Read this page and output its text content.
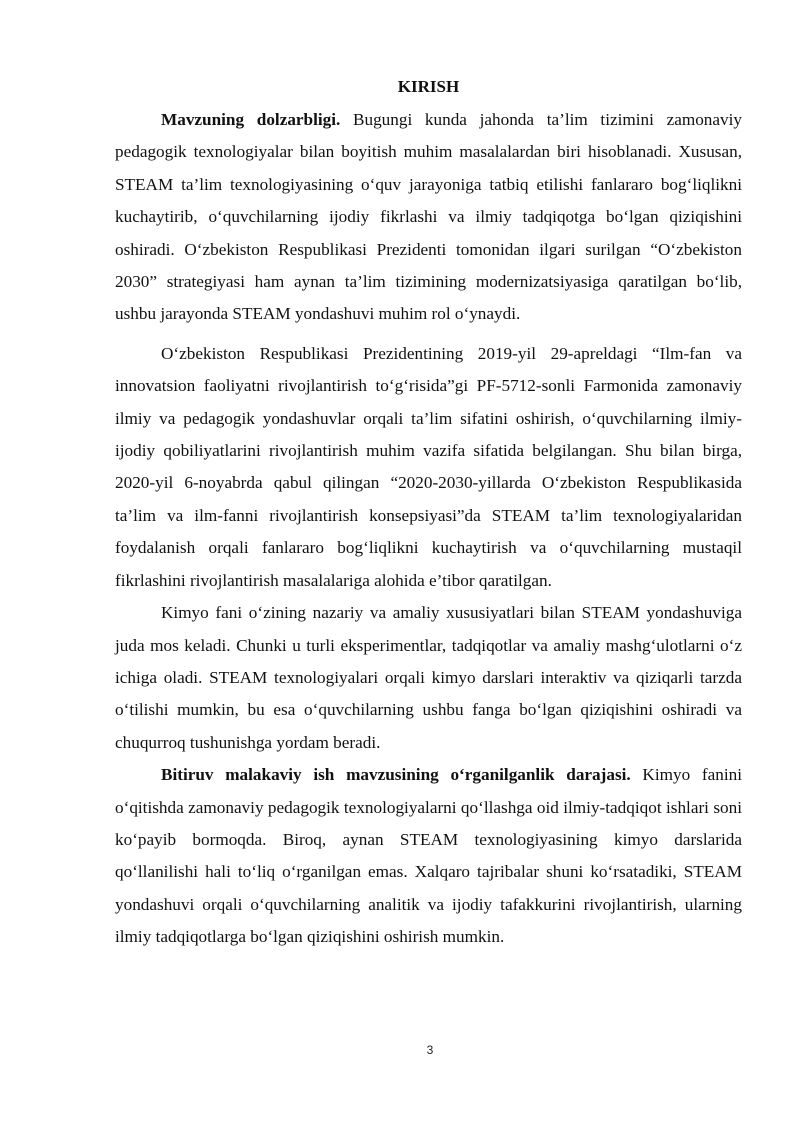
KIRISH

Mavzuning dolzarbligi. Bugungi kunda jahonda ta’lim tizimini zamonaviy pedagogik texnologiyalar bilan boyitish muhim masalalardan biri hisoblanadi. Xususan, STEAM ta’lim texnologiyasining o‘quv jarayoniga tatbiq etilishi fanlararo bog‘liqlikni kuchaytirib, o‘quvchilarning ijodiy fikrlashi va ilmiy tadqiqotga bo‘lgan qiziqishini oshiradi. O‘zbekiston Respublikasi Prezidenti tomonidan ilgari surilgan “O‘zbekiston 2030” strategiyasi ham aynan ta’lim tizimining modernizatsiyasiga qaratilgan bo‘lib, ushbu jarayonda STEAM yondashuvi muhim rol o‘ynaydi.

O‘zbekiston Respublikasi Prezidentining 2019-yil 29-apreldagi “Ilm-fan va innovatsion faoliyatni rivojlantirish to‘g‘risida”gi PF-5712-sonli Farmonida zamonaviy ilmiy va pedagogik yondashuvlar orqali ta’lim sifatini oshirish, o‘quvchilarning ilmiy-ijodiy qobiliyatlarini rivojlantirish muhim vazifa sifatida belgilangan. Shu bilan birga, 2020-yil 6-noyabrda qabul qilingan “2020-2030-yillarda O‘zbekiston Respublikasida ta’lim va ilm-fanni rivojlantirish konsepsiyasi”da STEAM ta’lim texnologiyalaridan foydalanish orqali fanlararo bog‘liqlikni kuchaytirish va o‘quvchilarning mustaqil fikrlashini rivojlantirish masalalariga alohida e’tibor qaratilgan.

Kimyo fani o‘zining nazariy va amaliy xususiyatlari bilan STEAM yondashuviga juda mos keladi. Chunki u turli eksperimentlar, tadqiqotlar va amaliy mashg‘ulotlarni o‘z ichiga oladi. STEAM texnologiyalari orqali kimyo darslari interaktiv va qiziqarli tarzda o‘tilishi mumkin, bu esa o‘quvchilarning ushbu fanga bo‘lgan qiziqishini oshiradi va chuqurroq tushunishga yordam beradi.

Bitiruv malakaviy ish mavzusining o‘rganilganlik darajasi. Kimyo fanini o‘qitishda zamonaviy pedagogik texnologiyalarni qo‘llashga oid ilmiy-tadqiqot ishlari soni ko‘payib bormoqda. Biroq, aynan STEAM texnologiyasining kimyo darslarida qo‘llanilishi hali to‘liq o‘rganilgan emas. Xalqaro tajribalar shuni ko‘rsatadiki, STEAM yondashuvi orqali o‘quvchilarning analitik va ijodiy tafakkurini rivojlantirish, ularning ilmiy tadqiqotlarga bo‘lgan qiziqishini oshirish mumkin.

3
